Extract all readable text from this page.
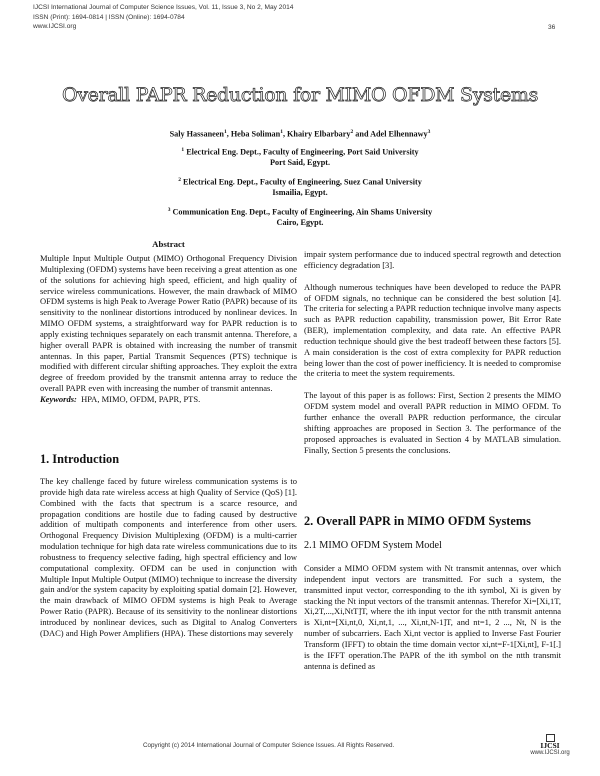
IJCSI International Journal of Computer Science Issues, Vol. 11, Issue 3, No 2, May 2014
ISSN (Print): 1694-0814 | ISSN (Online): 1694-0784
www.IJCSI.org	36
Overall PAPR Reduction for MIMO OFDM Systems
Saly Hassaneen$^1$, Heba Soliman$^1$, Khairy Elbarbary$^2$ and Adel Elhennawy$^3$
$^1$ Electrical Eng. Dept., Faculty of Engineering, Port Said University
Port Said, Egypt.
$^2$ Electrical Eng. Dept., Faculty of Engineering, Suez Canal University
Ismailia, Egypt.
$^3$ Communication Eng. Dept., Faculty of Engineering, Ain Shams University
Cairo, Egypt.
Abstract

Multiple Input Multiple Output (MIMO) Orthogonal Frequency Division Multiplexing (OFDM) systems have been receiving a great attention as one of the solutions for achieving high speed, efficient, and high quality of service wireless communications. However, the main drawback of MIMO OFDM systems is high Peak to Average Power Ratio (PAPR) because of its sensitivity to the nonlinear distortions introduced by nonlinear devices. In MIMO OFDM systems, a straightforward way for PAPR reduction is to apply existing techniques separately on each transmit antenna. Therefore, a higher overall PAPR is obtained with increasing the number of transmit antennas. In this paper, Partial Transmit Sequences (PTS) technique is modified with different circular shifting approaches. They exploit the extra degree of freedom provided by the transmit antenna array to reduce the overall PAPR even with increasing the number of transmit antennas.

Keywords: HPA, MIMO, OFDM, PAPR, PTS.

1. Introduction

The key challenge faced by future wireless communication systems is to provide high data rate wireless access at high Quality of Service (QoS) [1]. Combined with the facts that spectrum is a scarce resource, and propagation conditions are hostile due to fading caused by destructive addition of multipath components and interference from other users. Orthogonal Frequency Division Multiplexing (OFDM) is a multi-carrier modulation technique for high data rate wireless communications due to its robustness to frequency selective fading, high spectral efficiency and low computational complexity. OFDM can be used in conjunction with Multiple Input Multiple Output (MIMO) technique to increase the diversity gain and/or the system capacity by exploiting spatial domain [2]. However, the main drawback of MIMO OFDM systems is high Peak to Average Power Ratio (PAPR). Because of its sensitivity to the nonlinear distortions introduced by nonlinear devices, such as Digital to Analog Converters (DAC) and High Power Amplifiers (HPA). These distortions may severely

impair system performance due to induced spectral regrowth and detection efficiency degradation [3].

Although numerous techniques have been developed to reduce the PAPR of OFDM signals, no technique can be considered the best solution [4]. The criteria for selecting a PAPR reduction technique involve many aspects such as PAPR reduction capability, transmission power, Bit Error Rate (BER), implementation complexity, and data rate. An effective PAPR reduction technique should give the best tradeoff between these factors [5]. A main consideration is the cost of extra complexity for PAPR reduction being lower than the cost of power inefficiency. It is needed to compromise the criteria to meet the system requirements.

The layout of this paper is as follows: First, Section 2 presents the MIMO OFDM system model and overall PAPR reduction in MIMO OFDM. To further enhance the overall PAPR reduction performance, the circular shifting approaches are proposed in Section 3. The performance of the proposed approaches is evaluated in Section 4 by MATLAB simulation. Finally, Section 5 presents the conclusions.

2. Overall PAPR in MIMO OFDM Systems
2.1 MIMO OFDM System Model

Consider a MIMO OFDM system with Nt transmit antennas, over which independent input vectors are transmitted. For such a system, the transmitted input vector, corresponding to the ith symbol, Xi is given by stacking the Nt input vectors of the transmit antennas. Therefor Xi=[Xi,1T, Xi,2T,...,Xi,NtT]T, where the ith input vector for the ntth transmit antenna is Xi,nt=[Xi,nt,0, Xi,nt,1, ..., Xi,nt,N-1]T, and nt=1, 2 ..., Nt, N is the number of subcarriers. Each Xi,nt vector is applied to Inverse Fast Fourier Transform (IFFT) to obtain the time domain vector xi,nt=F-1[Xi,nt], F-1[.] is the IFFT operation.The PAPR of the ith symbol on the ntth transmit antenna is defined as

Copyright (c) 2014 International Journal of Computer Science Issues. All Rights Reserved.	IJCSI
www.IJCSI.org
